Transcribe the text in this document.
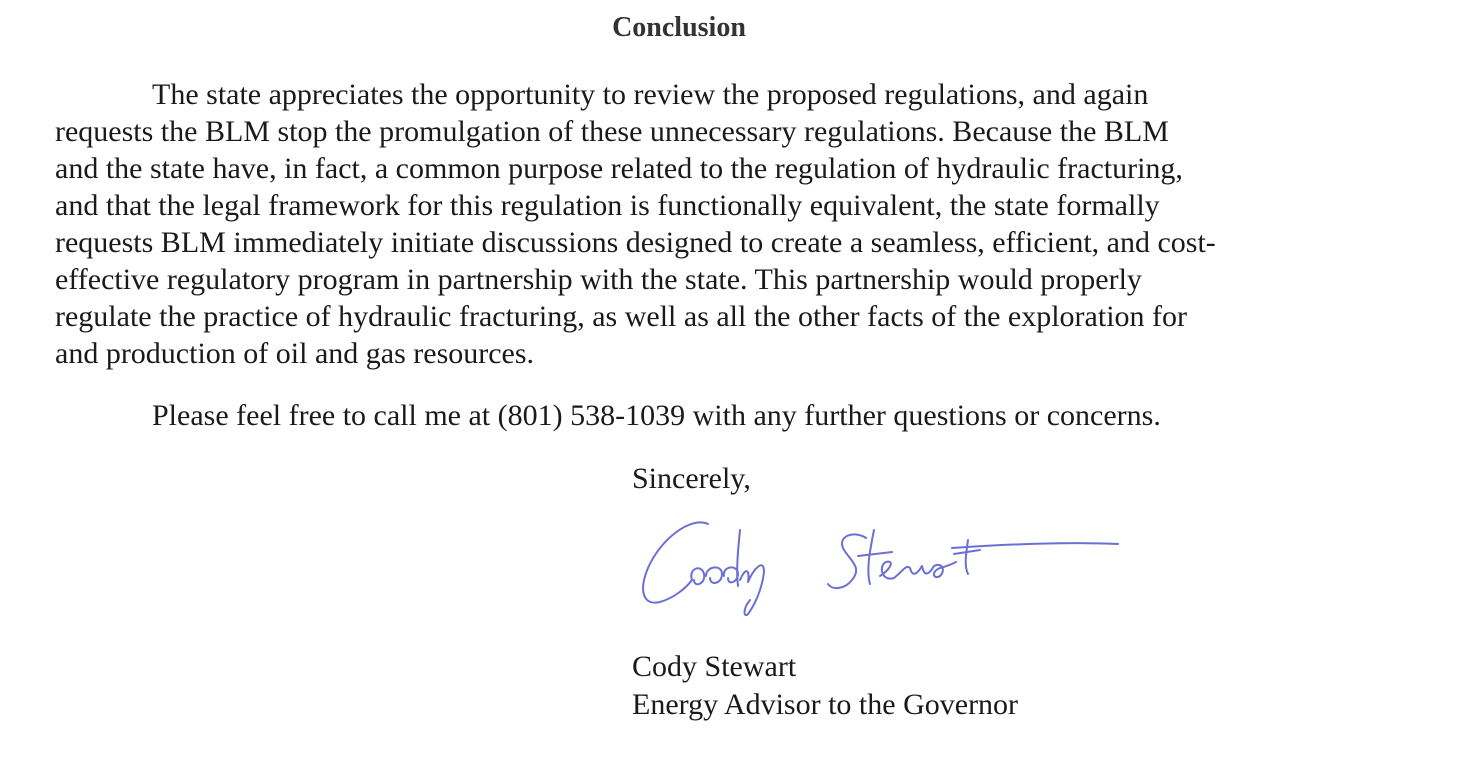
Conclusion
The state appreciates the opportunity to review the proposed regulations, and again
requests the BLM stop the promulgation of these unnecessary regulations. Because the BLM
and the state have, in fact, a common purpose related to the regulation of hydraulic fracturing,
and that the legal framework for this regulation is functionally equivalent, the state formally
requests BLM immediately initiate discussions designed to create a seamless, efficient, and cost-
effective regulatory program in partnership with the state. This partnership would properly
regulate the practice of hydraulic fracturing, as well as all the other facts of the exploration for
and production of oil and gas resources.
Please feel free to call me at (801) 538-1039 with any further questions or concerns.
Sincerely,
Cody Stewart
Energy Advisor to the Governor
